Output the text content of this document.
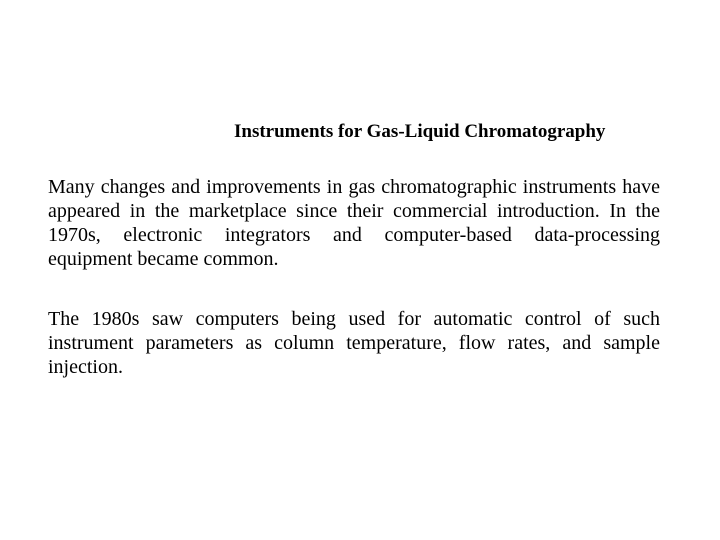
Instruments for Gas-Liquid Chromatography

Many changes and improvements in gas chromatographic instruments have appeared in the marketplace since their commercial introduction. In the 1970s, electronic integrators and computer-based data-processing equipment became common.

The 1980s saw computers being used for automatic control of such instrument parameters as column temperature, flow rates, and sample injection.
